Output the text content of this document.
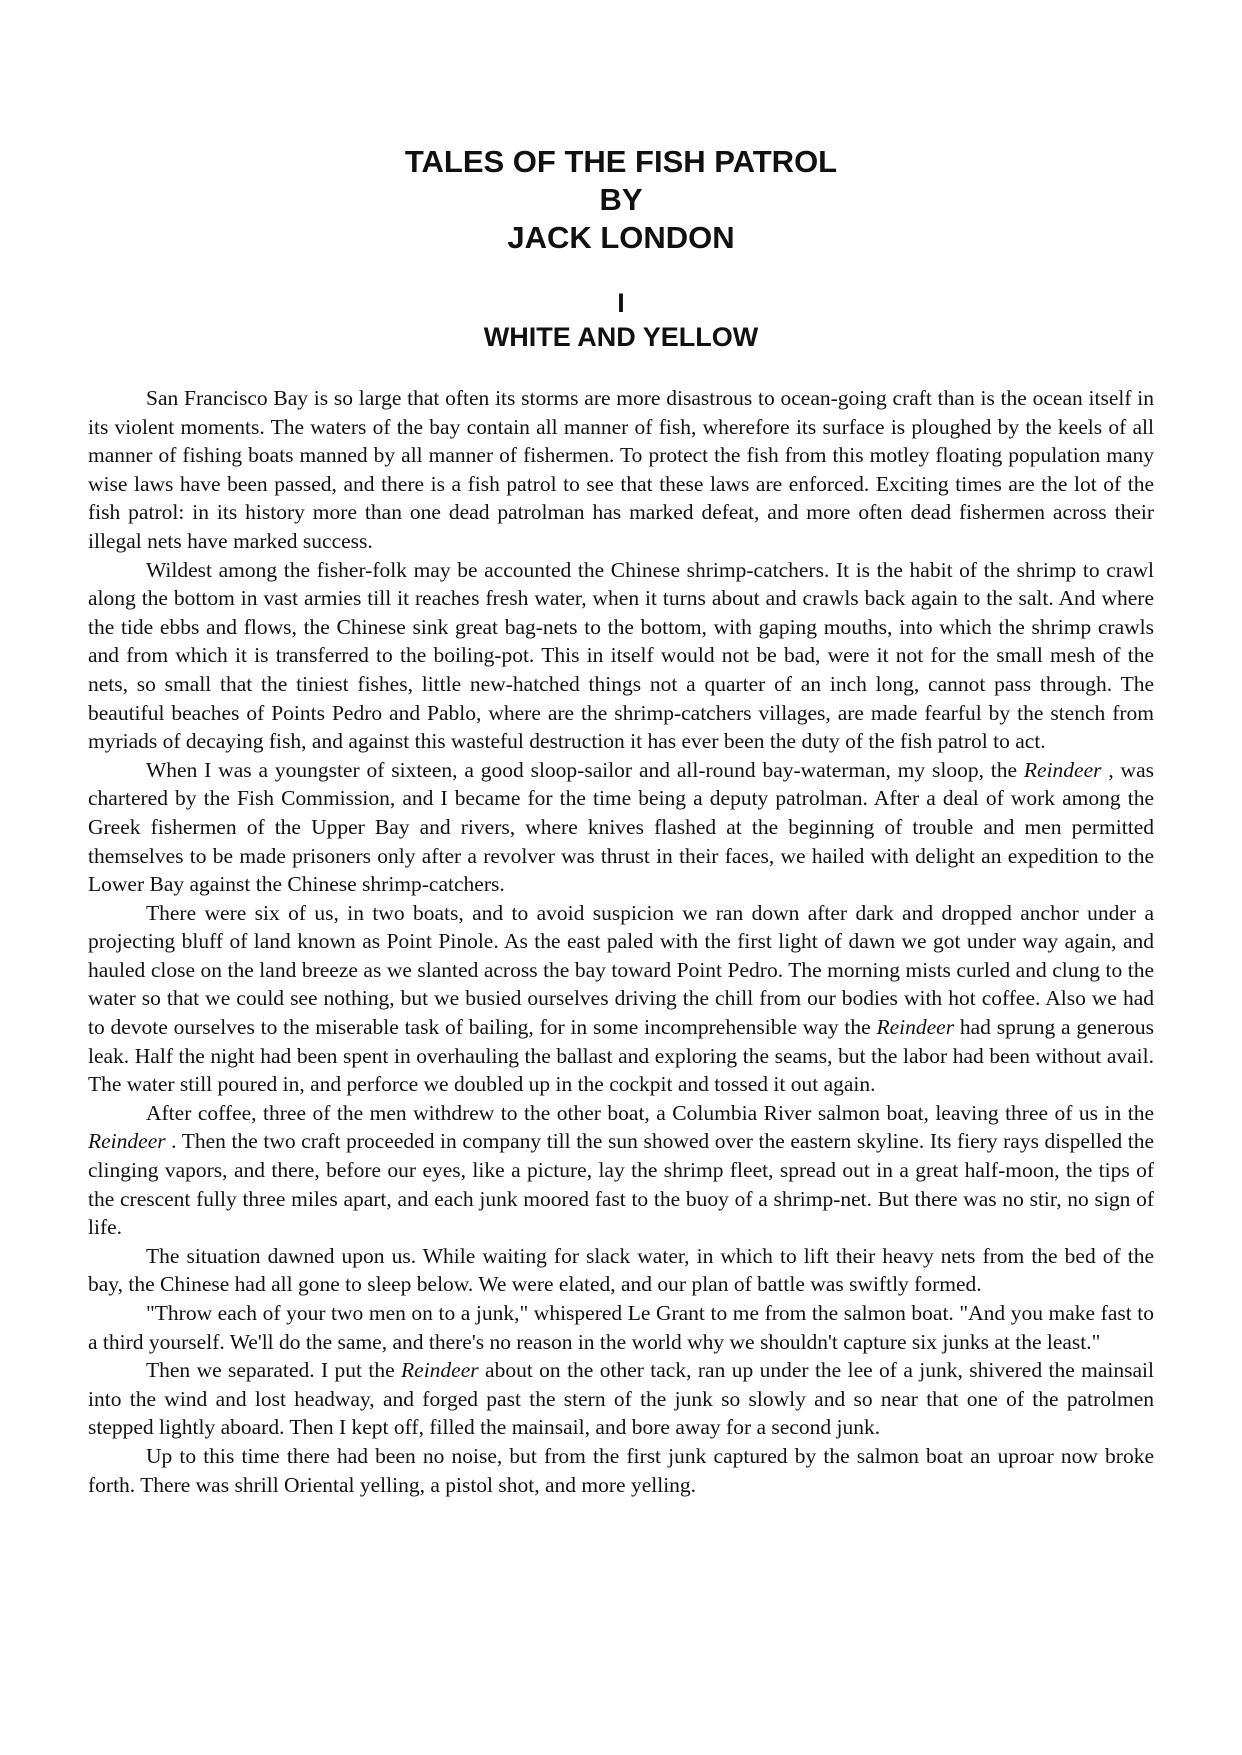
TALES OF THE FISH PATROL
BY
JACK LONDON
I
WHITE AND YELLOW

San Francisco Bay is so large that often its storms are more disastrous to ocean-going craft than is the ocean itself in its violent moments. The waters of the bay contain all manner of fish, wherefore its surface is ploughed by the keels of all manner of fishing boats manned by all manner of fishermen. To protect the fish from this motley floating population many wise laws have been passed, and there is a fish patrol to see that these laws are enforced. Exciting times are the lot of the fish patrol: in its history more than one dead patrolman has marked defeat, and more often dead fishermen across their illegal nets have marked success.

Wildest among the fisher-folk may be accounted the Chinese shrimp-catchers. It is the habit of the shrimp to crawl along the bottom in vast armies till it reaches fresh water, when it turns about and crawls back again to the salt. And where the tide ebbs and flows, the Chinese sink great bag-nets to the bottom, with gaping mouths, into which the shrimp crawls and from which it is transferred to the boiling-pot. This in itself would not be bad, were it not for the small mesh of the nets, so small that the tiniest fishes, little new-hatched things not a quarter of an inch long, cannot pass through. The beautiful beaches of Points Pedro and Pablo, where are the shrimp-catchers villages, are made fearful by the stench from myriads of decaying fish, and against this wasteful destruction it has ever been the duty of the fish patrol to act.

When I was a youngster of sixteen, a good sloop-sailor and all-round bay-waterman, my sloop, the Reindeer , was chartered by the Fish Commission, and I became for the time being a deputy patrolman. After a deal of work among the Greek fishermen of the Upper Bay and rivers, where knives flashed at the beginning of trouble and men permitted themselves to be made prisoners only after a revolver was thrust in their faces, we hailed with delight an expedition to the Lower Bay against the Chinese shrimp-catchers.

There were six of us, in two boats, and to avoid suspicion we ran down after dark and dropped anchor under a projecting bluff of land known as Point Pinole. As the east paled with the first light of dawn we got under way again, and hauled close on the land breeze as we slanted across the bay toward Point Pedro. The morning mists curled and clung to the water so that we could see nothing, but we busied ourselves driving the chill from our bodies with hot coffee. Also we had to devote ourselves to the miserable task of bailing, for in some incomprehensible way the Reindeer had sprung a generous leak. Half the night had been spent in overhauling the ballast and exploring the seams, but the labor had been without avail. The water still poured in, and perforce we doubled up in the cockpit and tossed it out again.

After coffee, three of the men withdrew to the other boat, a Columbia River salmon boat, leaving three of us in the Reindeer . Then the two craft proceeded in company till the sun showed over the eastern skyline. Its fiery rays dispelled the clinging vapors, and there, before our eyes, like a picture, lay the shrimp fleet, spread out in a great half-moon, the tips of the crescent fully three miles apart, and each junk moored fast to the buoy of a shrimp-net. But there was no stir, no sign of life.

The situation dawned upon us. While waiting for slack water, in which to lift their heavy nets from the bed of the bay, the Chinese had all gone to sleep below. We were elated, and our plan of battle was swiftly formed.

"Throw each of your two men on to a junk," whispered Le Grant to me from the salmon boat. "And you make fast to a third yourself. We'll do the same, and there's no reason in the world why we shouldn't capture six junks at the least."

Then we separated. I put the Reindeer about on the other tack, ran up under the lee of a junk, shivered the mainsail into the wind and lost headway, and forged past the stern of the junk so slowly and so near that one of the patrolmen stepped lightly aboard. Then I kept off, filled the mainsail, and bore away for a second junk.

Up to this time there had been no noise, but from the first junk captured by the salmon boat an uproar now broke forth. There was shrill Oriental yelling, a pistol shot, and more yelling.
